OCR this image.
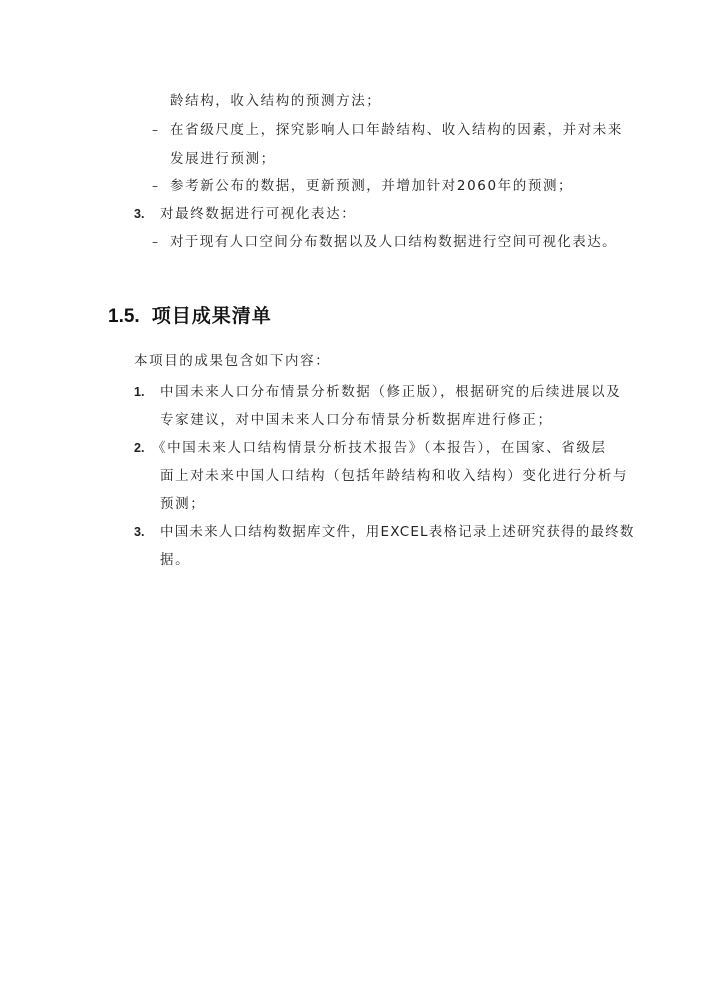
龄结构，收入结构的预测方法；
– 在省级尺度上，探究影响人口年龄结构、收入结构的因素，并对未来
发展进行预测；
– 参考新公布的数据，更新预测，并增加针对2060年的预测；
3. 对最终数据进行可视化表达：
– 对于现有人口空间分布数据以及人口结构数据进行空间可视化表达。
1.5. 项目成果清单
本项目的成果包含如下内容：
1. 中国未来人口分布情景分析数据（修正版），根据研究的后续进展以及
专家建议，对中国未来人口分布情景分析数据库进行修正；
2. 《中国未来人口结构情景分析技术报告》（本报告），在国家、省级层
面上对未来中国人口结构（包括年龄结构和收入结构）变化进行分析与
预测；
3. 中国未来人口结构数据库文件，用EXCEL表格记录上述研究获得的最终数
据。
